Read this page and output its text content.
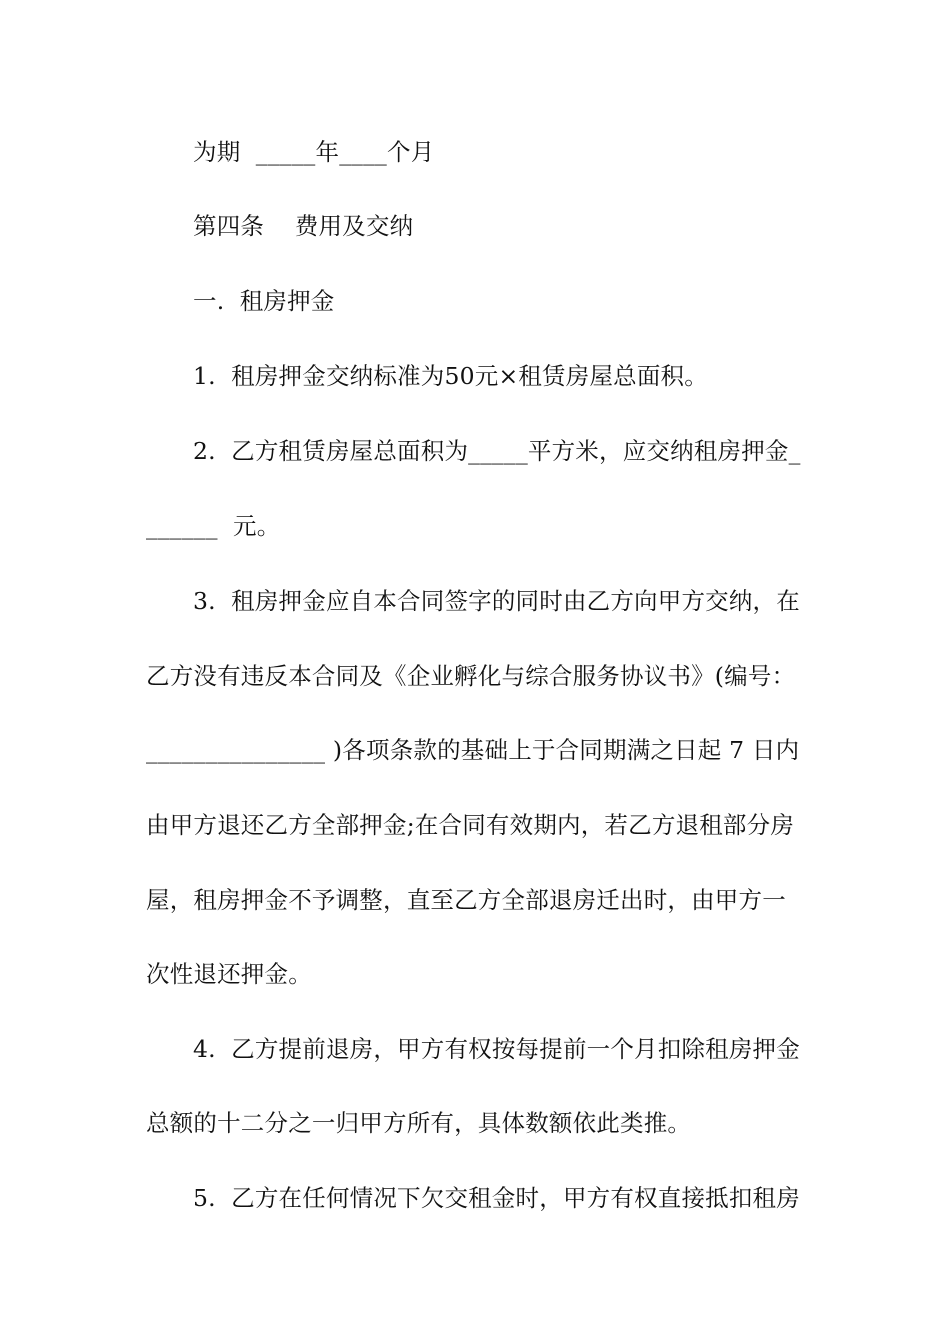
为期  _____年____个月
第四条    费用及交纳
一.  租房押金
1.  租房押金交纳标准为50元×租赁房屋总面积。
2.  乙方租赁房屋总面积为_____平方米，应交纳租房押金_
______  元。
3.  租房押金应自本合同签字的同时由乙方向甲方交纳，在
乙方没有违反本合同及《企业孵化与综合服务协议书》(编号：
_______________ )各项条款的基础上于合同期满之日起 7 日内
由甲方退还乙方全部押金;在合同有效期内，若乙方退租部分房
屋，租房押金不予调整，直至乙方全部退房迁出时，由甲方一
次性退还押金。
4.  乙方提前退房，甲方有权按每提前一个月扣除租房押金
总额的十二分之一归甲方所有，具体数额依此类推。
5.  乙方在任何情况下欠交租金时，甲方有权直接抵扣租房
